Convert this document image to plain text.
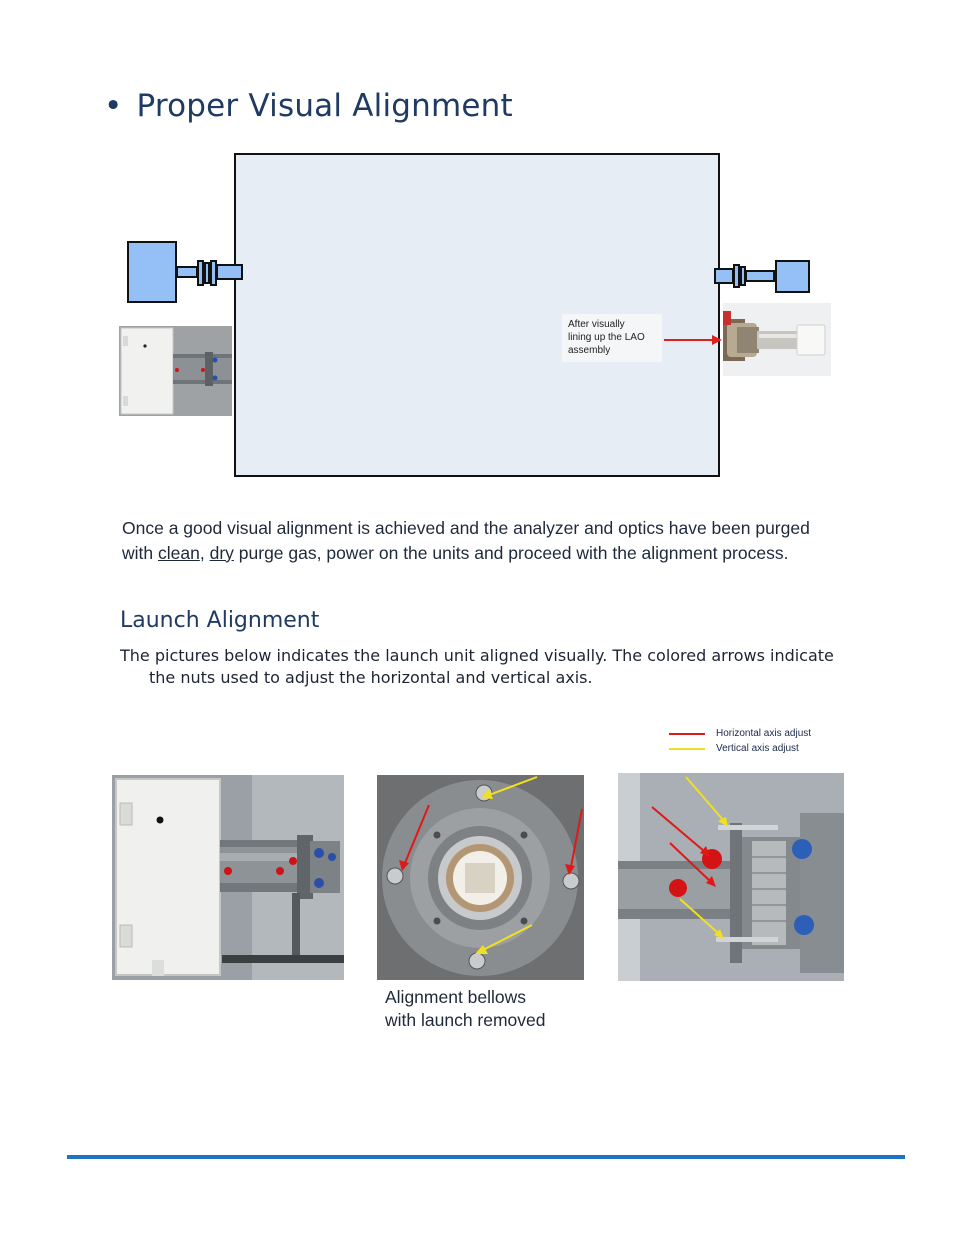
• Proper Visual Alignment
After visually
lining up the LAO
assembly
Once a good visual alignment is achieved and the analyzer and optics have been purged with clean, dry purge gas, power on the units and proceed with the alignment process.
Launch Alignment
The pictures below indicates the launch unit aligned visually. The colored arrows indicate
the nuts used to adjust the horizontal and vertical axis.
Horizontal axis adjust
Vertical axis adjust
Alignment bellows
with launch removed
